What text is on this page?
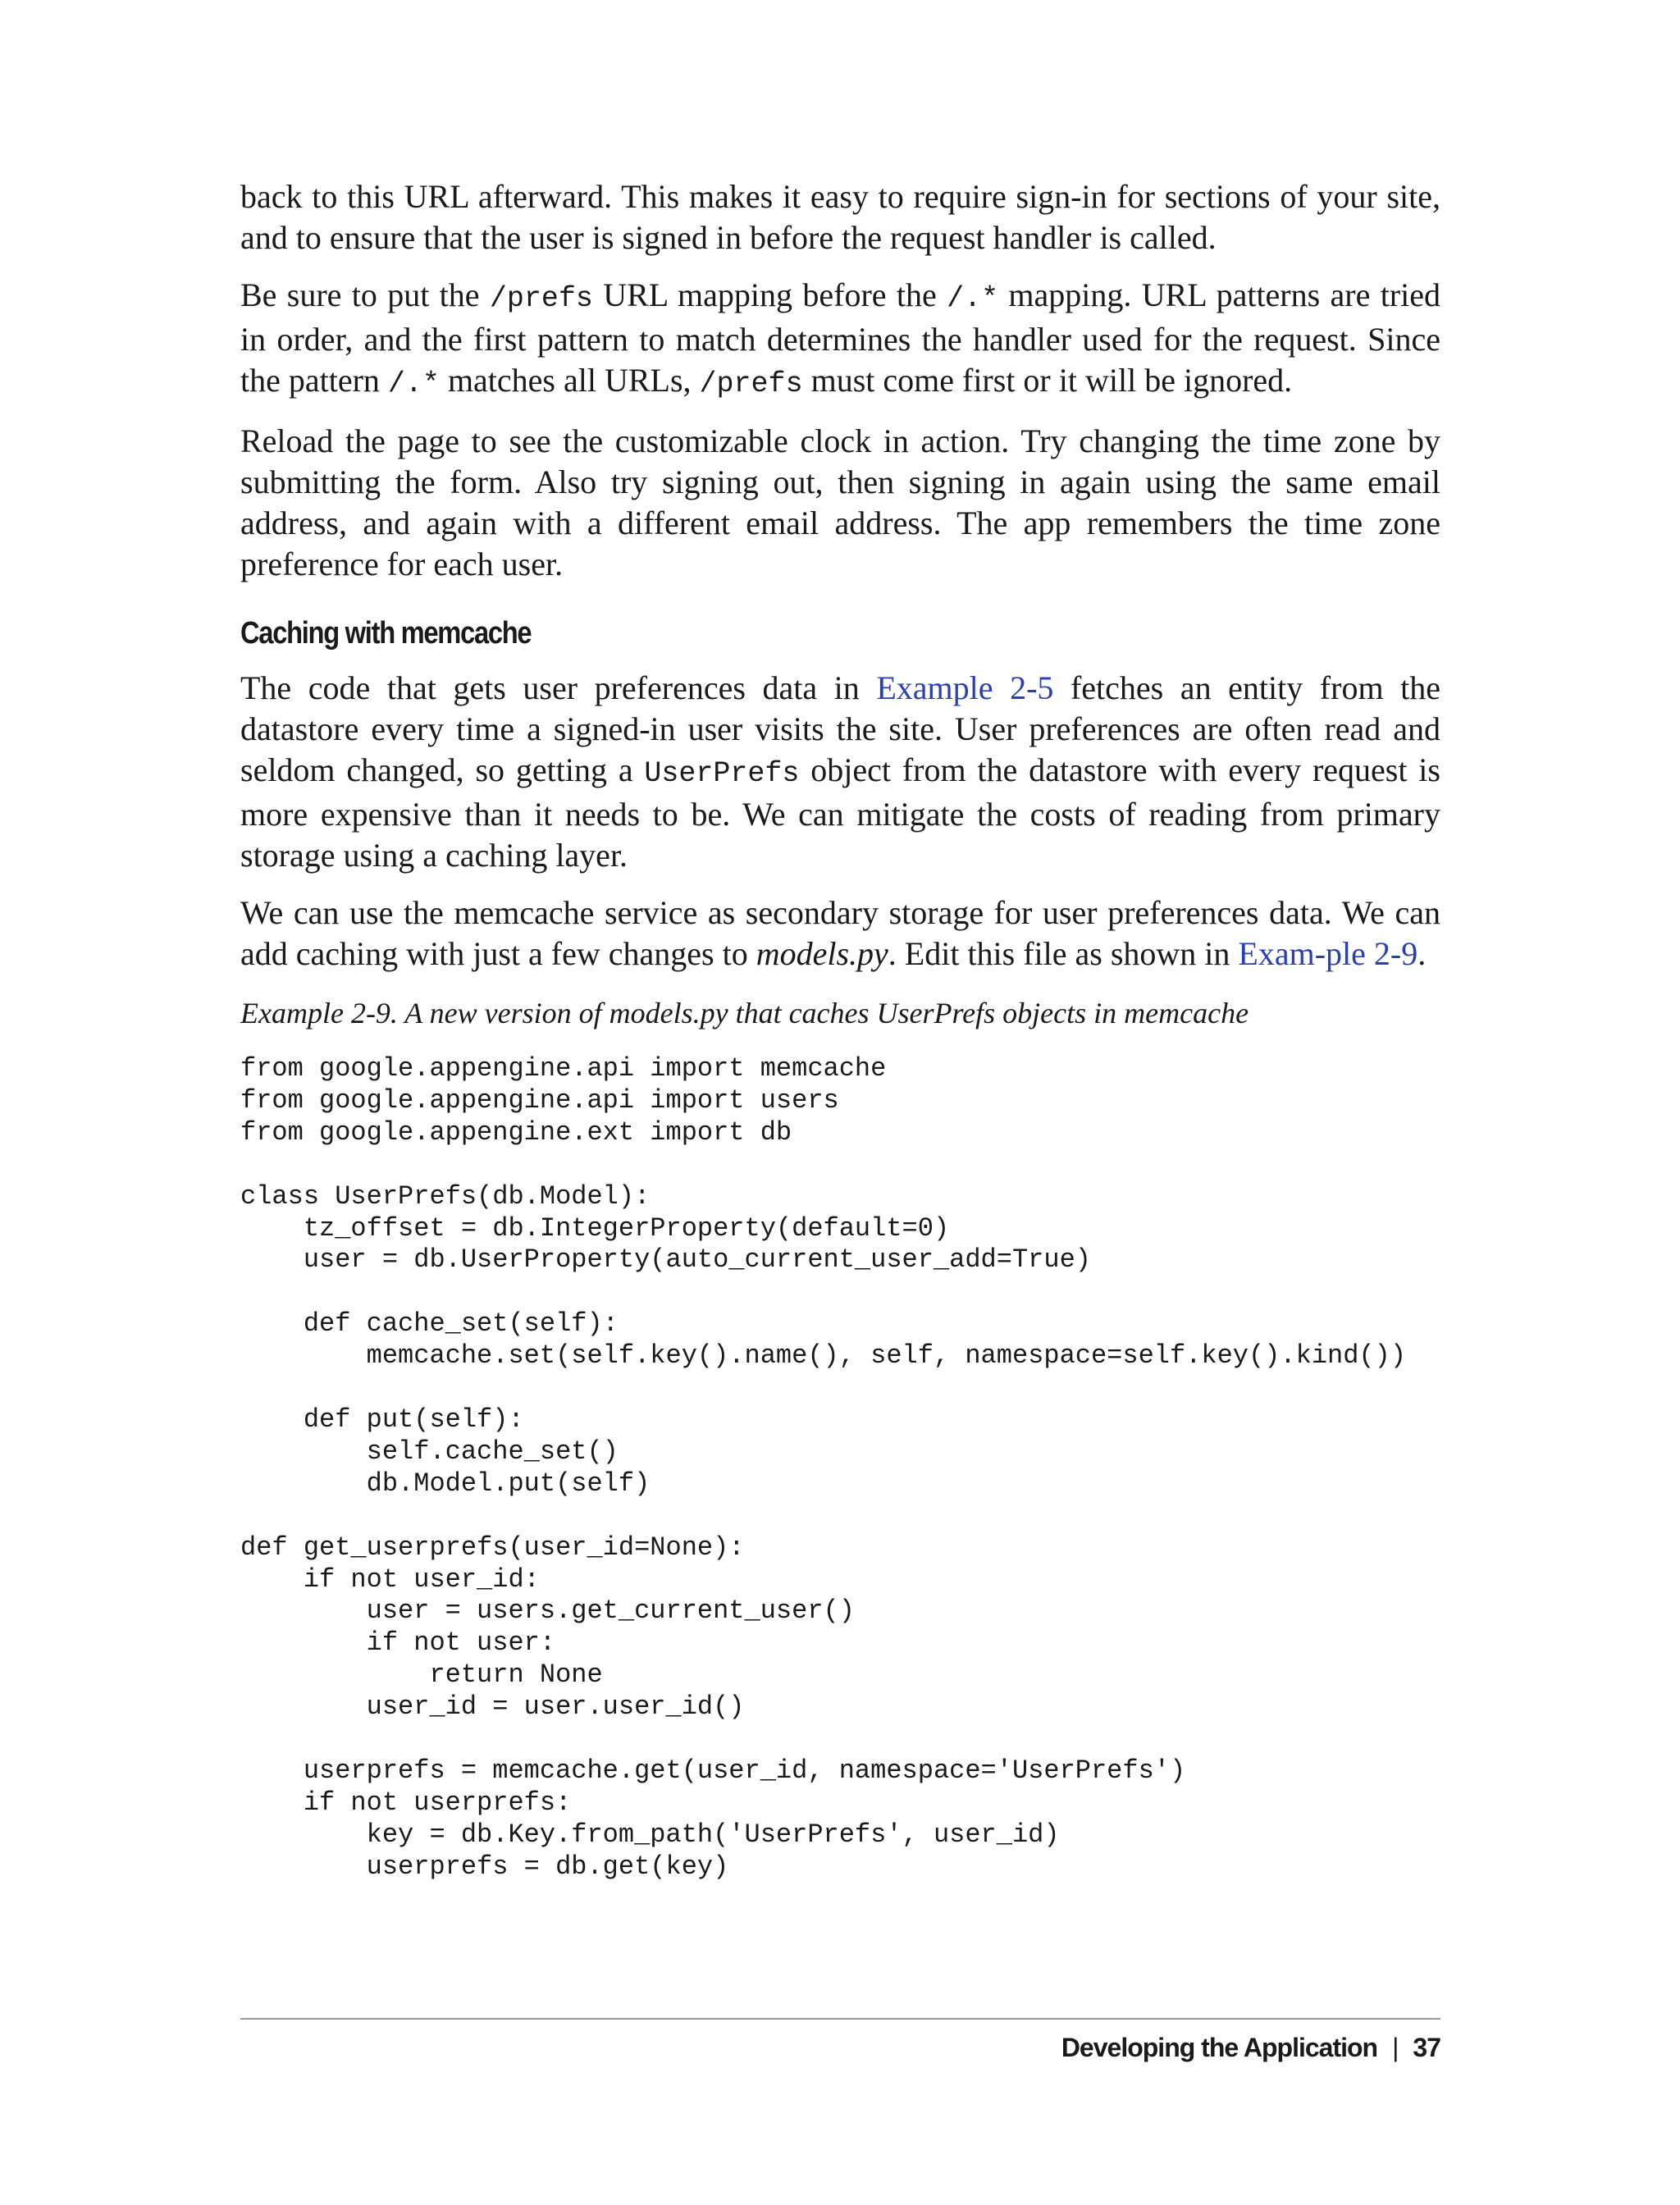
back to this URL afterward. This makes it easy to require sign-in for sections of your site, and to ensure that the user is signed in before the request handler is called.

Be sure to put the /prefs URL mapping before the /.* mapping. URL patterns are tried in order, and the first pattern to match determines the handler used for the request. Since the pattern /.* matches all URLs, /prefs must come first or it will be ignored.

Reload the page to see the customizable clock in action. Try changing the time zone by submitting the form. Also try signing out, then signing in again using the same email address, and again with a different email address. The app remembers the time zone preference for each user.

Caching with memcache

The code that gets user preferences data in Example 2-5 fetches an entity from the datastore every time a signed-in user visits the site. User preferences are often read and seldom changed, so getting a UserPrefs object from the datastore with every request is more expensive than it needs to be. We can mitigate the costs of reading from primary storage using a caching layer.

We can use the memcache service as secondary storage for user preferences data. We can add caching with just a few changes to models.py. Edit this file as shown in Exam-ple 2-9.

Example 2-9. A new version of models.py that caches UserPrefs objects in memcache
from google.appengine.api import memcache
from google.appengine.api import users
from google.appengine.ext import db

class UserPrefs(db.Model):
tz_offset = db.IntegerProperty(default=0)
user = db.UserProperty(auto_current_user_add=True)

def cache_set(self):
memcache.set(self.key().name(), self, namespace=self.key().kind())

def put(self):
self.cache_set()
db.Model.put(self)

def get_userprefs(user_id=None):
if not user_id:
user = users.get_current_user()
if not user:
return None
user_id = user.user_id()

userprefs = memcache.get(user_id, namespace='UserPrefs')
if not userprefs:
key = db.Key.from_path('UserPrefs', user_id)
userprefs = db.get(key)
Developing the Application | 37
